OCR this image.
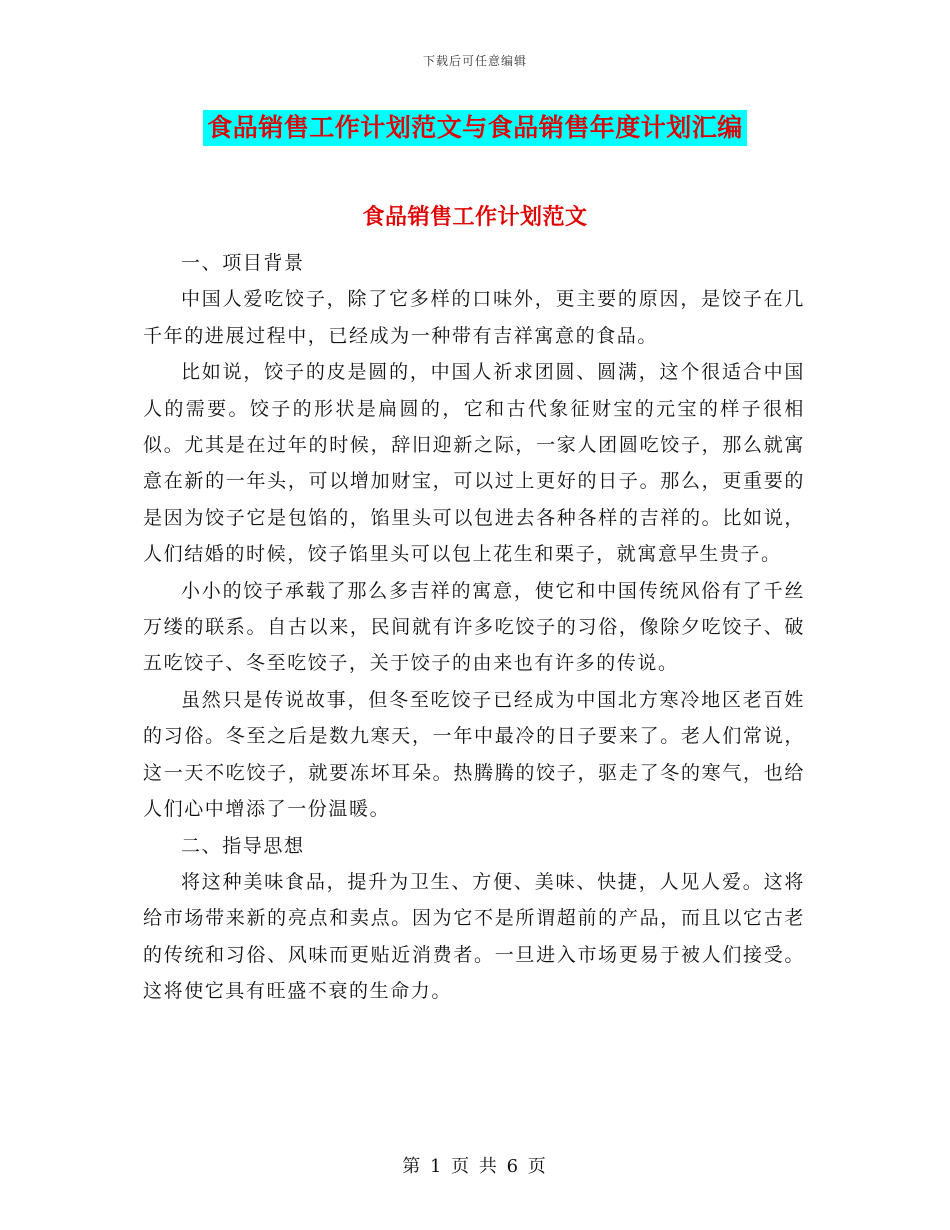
下载后可任意编辑
食品销售工作计划范文与食品销售年度计划汇编
食品销售工作计划范文

一、项目背景

中国人爱吃饺子，除了它多样的口味外，更主要的原因，是饺子在几千年的进展过程中，已经成为一种带有吉祥寓意的食品。

比如说，饺子的皮是圆的，中国人祈求团圆、圆满，这个很适合中国人的需要。饺子的形状是扁圆的，它和古代象征财宝的元宝的样子很相似。尤其是在过年的时候，辞旧迎新之际，一家人团圆吃饺子，那么就寓意在新的一年头，可以增加财宝，可以过上更好的日子。那么，更重要的是因为饺子它是包馅的，馅里头可以包进去各种各样的吉祥的。比如说，人们结婚的时候，饺子馅里头可以包上花生和栗子，就寓意早生贵子。

小小的饺子承载了那么多吉祥的寓意，使它和中国传统风俗有了千丝万缕的联系。自古以来，民间就有许多吃饺子的习俗，像除夕吃饺子、破五吃饺子、冬至吃饺子，关于饺子的由来也有许多的传说。

虽然只是传说故事，但冬至吃饺子已经成为中国北方寒冷地区老百姓的习俗。冬至之后是数九寒天，一年中最冷的日子要来了。老人们常说，这一天不吃饺子，就要冻坏耳朵。热腾腾的饺子，驱走了冬的寒气，也给人们心中增添了一份温暖。

二、指导思想

将这种美味食品，提升为卫生、方便、美味、快捷，人见人爱。这将给市场带来新的亮点和卖点。因为它不是所谓超前的产品，而且以它古老的传统和习俗、风味而更贴近消费者。一旦进入市场更易于被人们接受。这将使它具有旺盛不衰的生命力。

第 1 页 共 6 页
